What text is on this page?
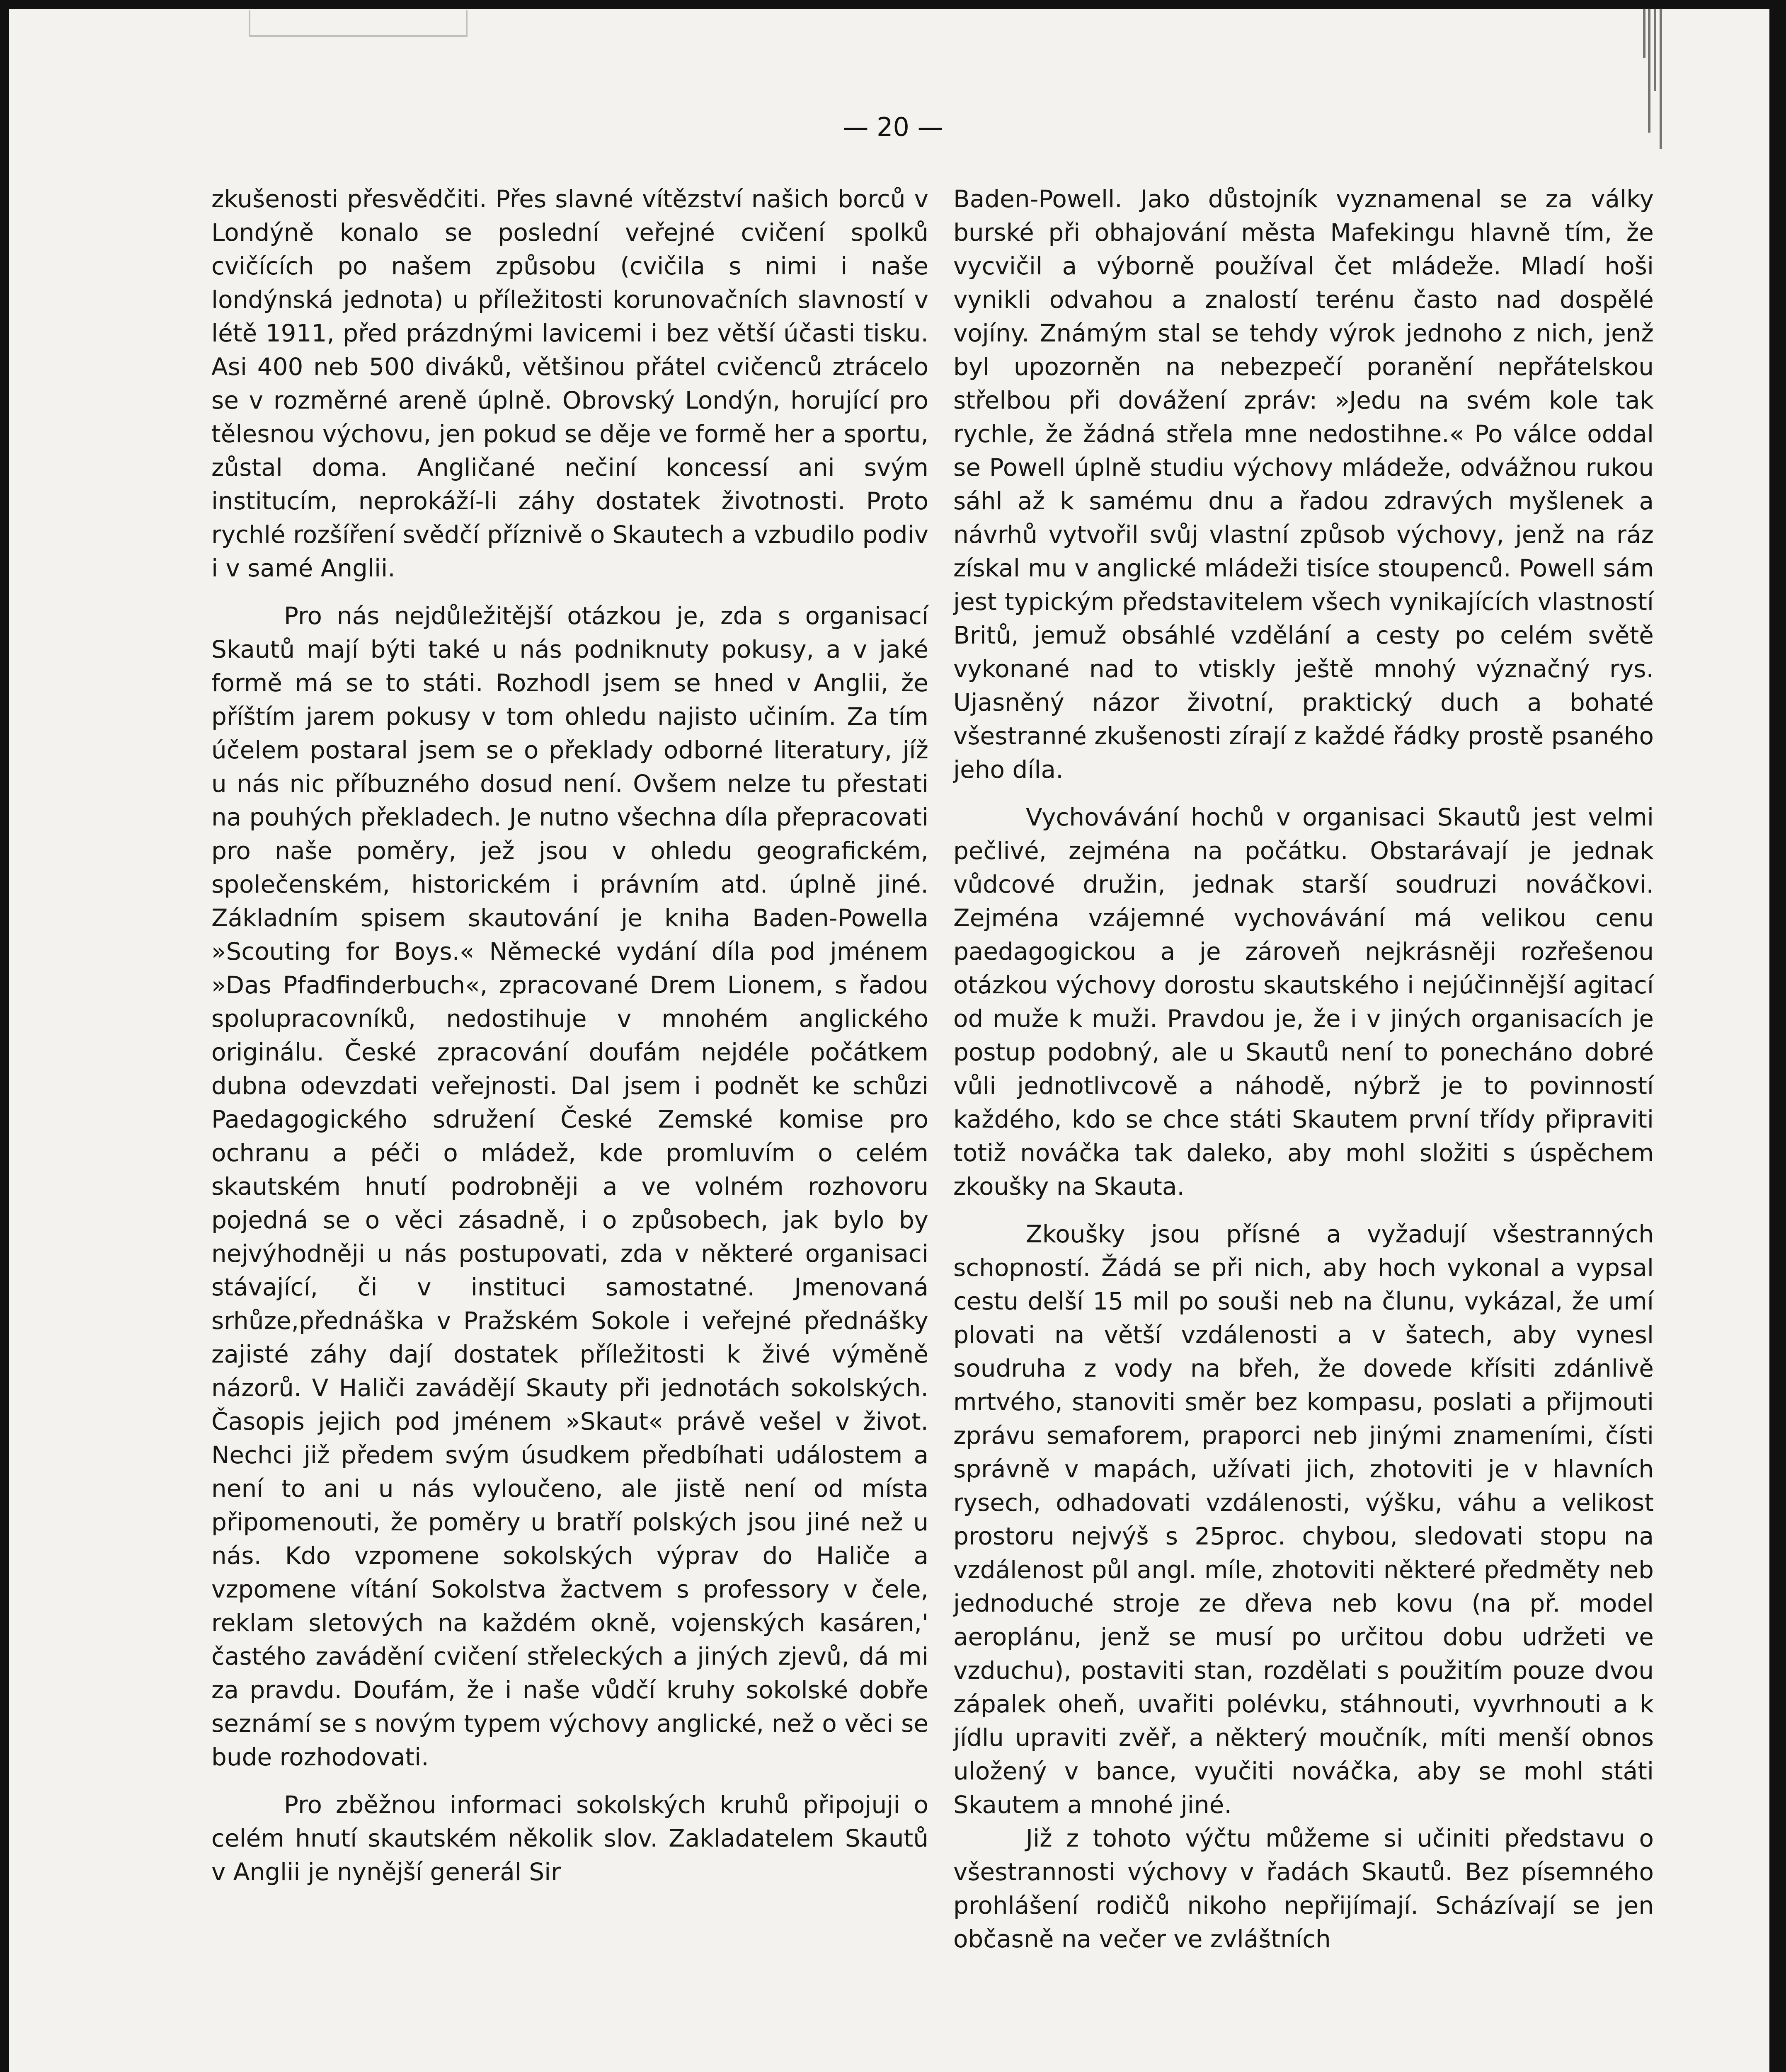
— 20 —

zkušenosti přesvědčiti. Přes slavné vítězství našich borců v Londýně konalo se poslední veřejné cvičení spolků cvičících po našem způsobu (cvičila s nimi i naše londýnská jednota) u příležitosti korunovačních slavností v létě 1911, před prázdnými lavicemi i bez větší účasti tisku. Asi 400 neb 500 diváků, většinou přátel cvičenců ztrácelo se v rozměrné areně úplně. Obrovský Londýn, horující pro tělesnou výchovu, jen pokud se děje ve formě her a sportu, zůstal doma. Angličané nečiní koncessí ani svým institucím, neprokáží-li záhy dostatek životnosti. Proto rychlé rozšíření svědčí příznivě o Skautech a vzbudilo podiv i v samé Anglii.

Pro nás nejdůležitější otázkou je, zda s organisací Skautů mají býti také u nás podniknuty pokusy, a v jaké formě má se to státi. Rozhodl jsem se hned v Anglii, že příštím jarem pokusy v tom ohledu najisto učiním. Za tím účelem postaral jsem se o překlady odborné literatury, jíž u nás nic příbuzného dosud není. Ovšem nelze tu přestati na pouhých překladech. Je nutno všechna díla přepracovati pro naše poměry, jež jsou v ohledu geografickém, společenském, historickém i právním atd. úplně jiné. Základním spisem skautování je kniha Baden-Powella »Scouting for Boys.« Německé vydání díla pod jménem »Das Pfadfinderbuch«, zpracované Drem Lionem, s řadou spolupracovníků, nedostihuje v mnohém anglického originálu. České zpracování doufám nejdéle počátkem dubna odevzdati veřejnosti. Dal jsem i podnět ke schůzi Paedagogického sdružení České Zemské komise pro ochranu a péči o mládež, kde promluvím o celém skautském hnutí podrobněji a ve volném rozhovoru pojedná se o věci zásadně, i o způsobech, jak bylo by nejvýhodněji u nás postupovati, zda v některé organisaci stávající, či v instituci samostatné. Jmenovaná srhůze,přednáška v Pražském Sokole i veřejné přednášky zajisté záhy dají dostatek příležitosti k živé výměně názorů. V Haliči zavádějí Skauty při jednotách sokolských. Časopis jejich pod jménem »Skaut« právě vešel v život. Nechci již předem svým úsudkem předbíhati událostem a není to ani u nás vyloučeno, ale jistě není od místa připomenouti, že poměry u bratří polských jsou jiné než u nás. Kdo vzpomene sokolských výprav do Haliče a vzpomene vítání Sokolstva žactvem s professory v čele, reklam sletových na každém okně, vojenských kasáren,' častého zavádění cvičení střeleckých a jiných zjevů, dá mi za pravdu. Doufám, že i naše vůdčí kruhy sokolské dobře seznámí se s novým typem výchovy anglické, než o věci se bude rozhodovati.

Pro zběžnou informaci sokolských kruhů připojuji o celém hnutí skautském několik slov. Zakladatelem Skautů v Anglii je nynější generál Sir

Baden-Powell. Jako důstojník vyznamenal se za války burské při obhajování města Mafekingu hlavně tím, že vycvičil a výborně používal čet mládeže. Mladí hoši vynikli odvahou a znalostí terénu často nad dospělé vojíny. Známým stal se tehdy výrok jednoho z nich, jenž byl upozorněn na nebezpečí poranění nepřátelskou střelbou při dovážení zpráv: »Jedu na svém kole tak rychle, že žádná střela mne nedostihne.« Po válce oddal se Powell úplně studiu výchovy mládeže, odvážnou rukou sáhl až k samému dnu a řadou zdravých myšlenek a návrhů vytvořil svůj vlastní způsob výchovy, jenž na ráz získal mu v anglické mládeži tisíce stoupenců. Powell sám jest typickým představitelem všech vynikajících vlastností Britů, jemuž obsáhlé vzdělání a cesty po celém světě vykonané nad to vtiskly ještě mnohý význačný rys. Ujasněný názor životní, praktický duch a bohaté všestranné zkušenosti zírají z každé řádky prostě psaného jeho díla.

Vychovávání hochů v organisaci Skautů jest velmi pečlivé, zejména na počátku. Obstarávají je jednak vůdcové družin, jednak starší soudruzi nováčkovi. Zejména vzájemné vychovávání má velikou cenu paedagogickou a je zároveň nejkrásněji rozřešenou otázkou výchovy dorostu skautského i nejúčinnější agitací od muže k muži. Pravdou je, že i v jiných organisacích je postup podobný, ale u Skautů není to ponecháno dobré vůli jednotlivcově a náhodě, nýbrž je to povinností každého, kdo se chce státi Skautem první třídy připraviti totiž nováčka tak daleko, aby mohl složiti s úspěchem zkoušky na Skauta.

Zkoušky jsou přísné a vyžadují všestranných schopností. Žádá se při nich, aby hoch vykonal a vypsal cestu delší 15 mil po souši neb na člunu, vykázal, že umí plovati na větší vzdálenosti a v šatech, aby vynesl soudruha z vody na břeh, že dovede křísiti zdánlivě mrtvého, stanoviti směr bez kompasu, poslati a přijmouti zprávu semaforem, praporci neb jinými znameními, čísti správně v mapách, užívati jich, zhotoviti je v hlavních rysech, odhadovati vzdálenosti, výšku, váhu a velikost prostoru nejvýš s 25proc. chybou, sledovati stopu na vzdálenost půl angl. míle, zhotoviti některé předměty neb jednoduché stroje ze dřeva neb kovu (na př. model aeroplánu, jenž se musí po určitou dobu udržeti ve vzduchu), postaviti stan, rozdělati s použitím pouze dvou zápalek oheň, uvařiti polévku, stáhnouti, vyvrhnouti a k jídlu upraviti zvěř, a některý moučník, míti menší obnos uložený v bance, vyučiti nováčka, aby se mohl státi Skautem a mnohé jiné.

Již z tohoto výčtu můžeme si učiniti představu o všestrannosti výchovy v řadách Skautů. Bez písemného prohlášení rodičů nikoho nepřijímají. Scházívají se jen občasně na večer ve zvláštních
